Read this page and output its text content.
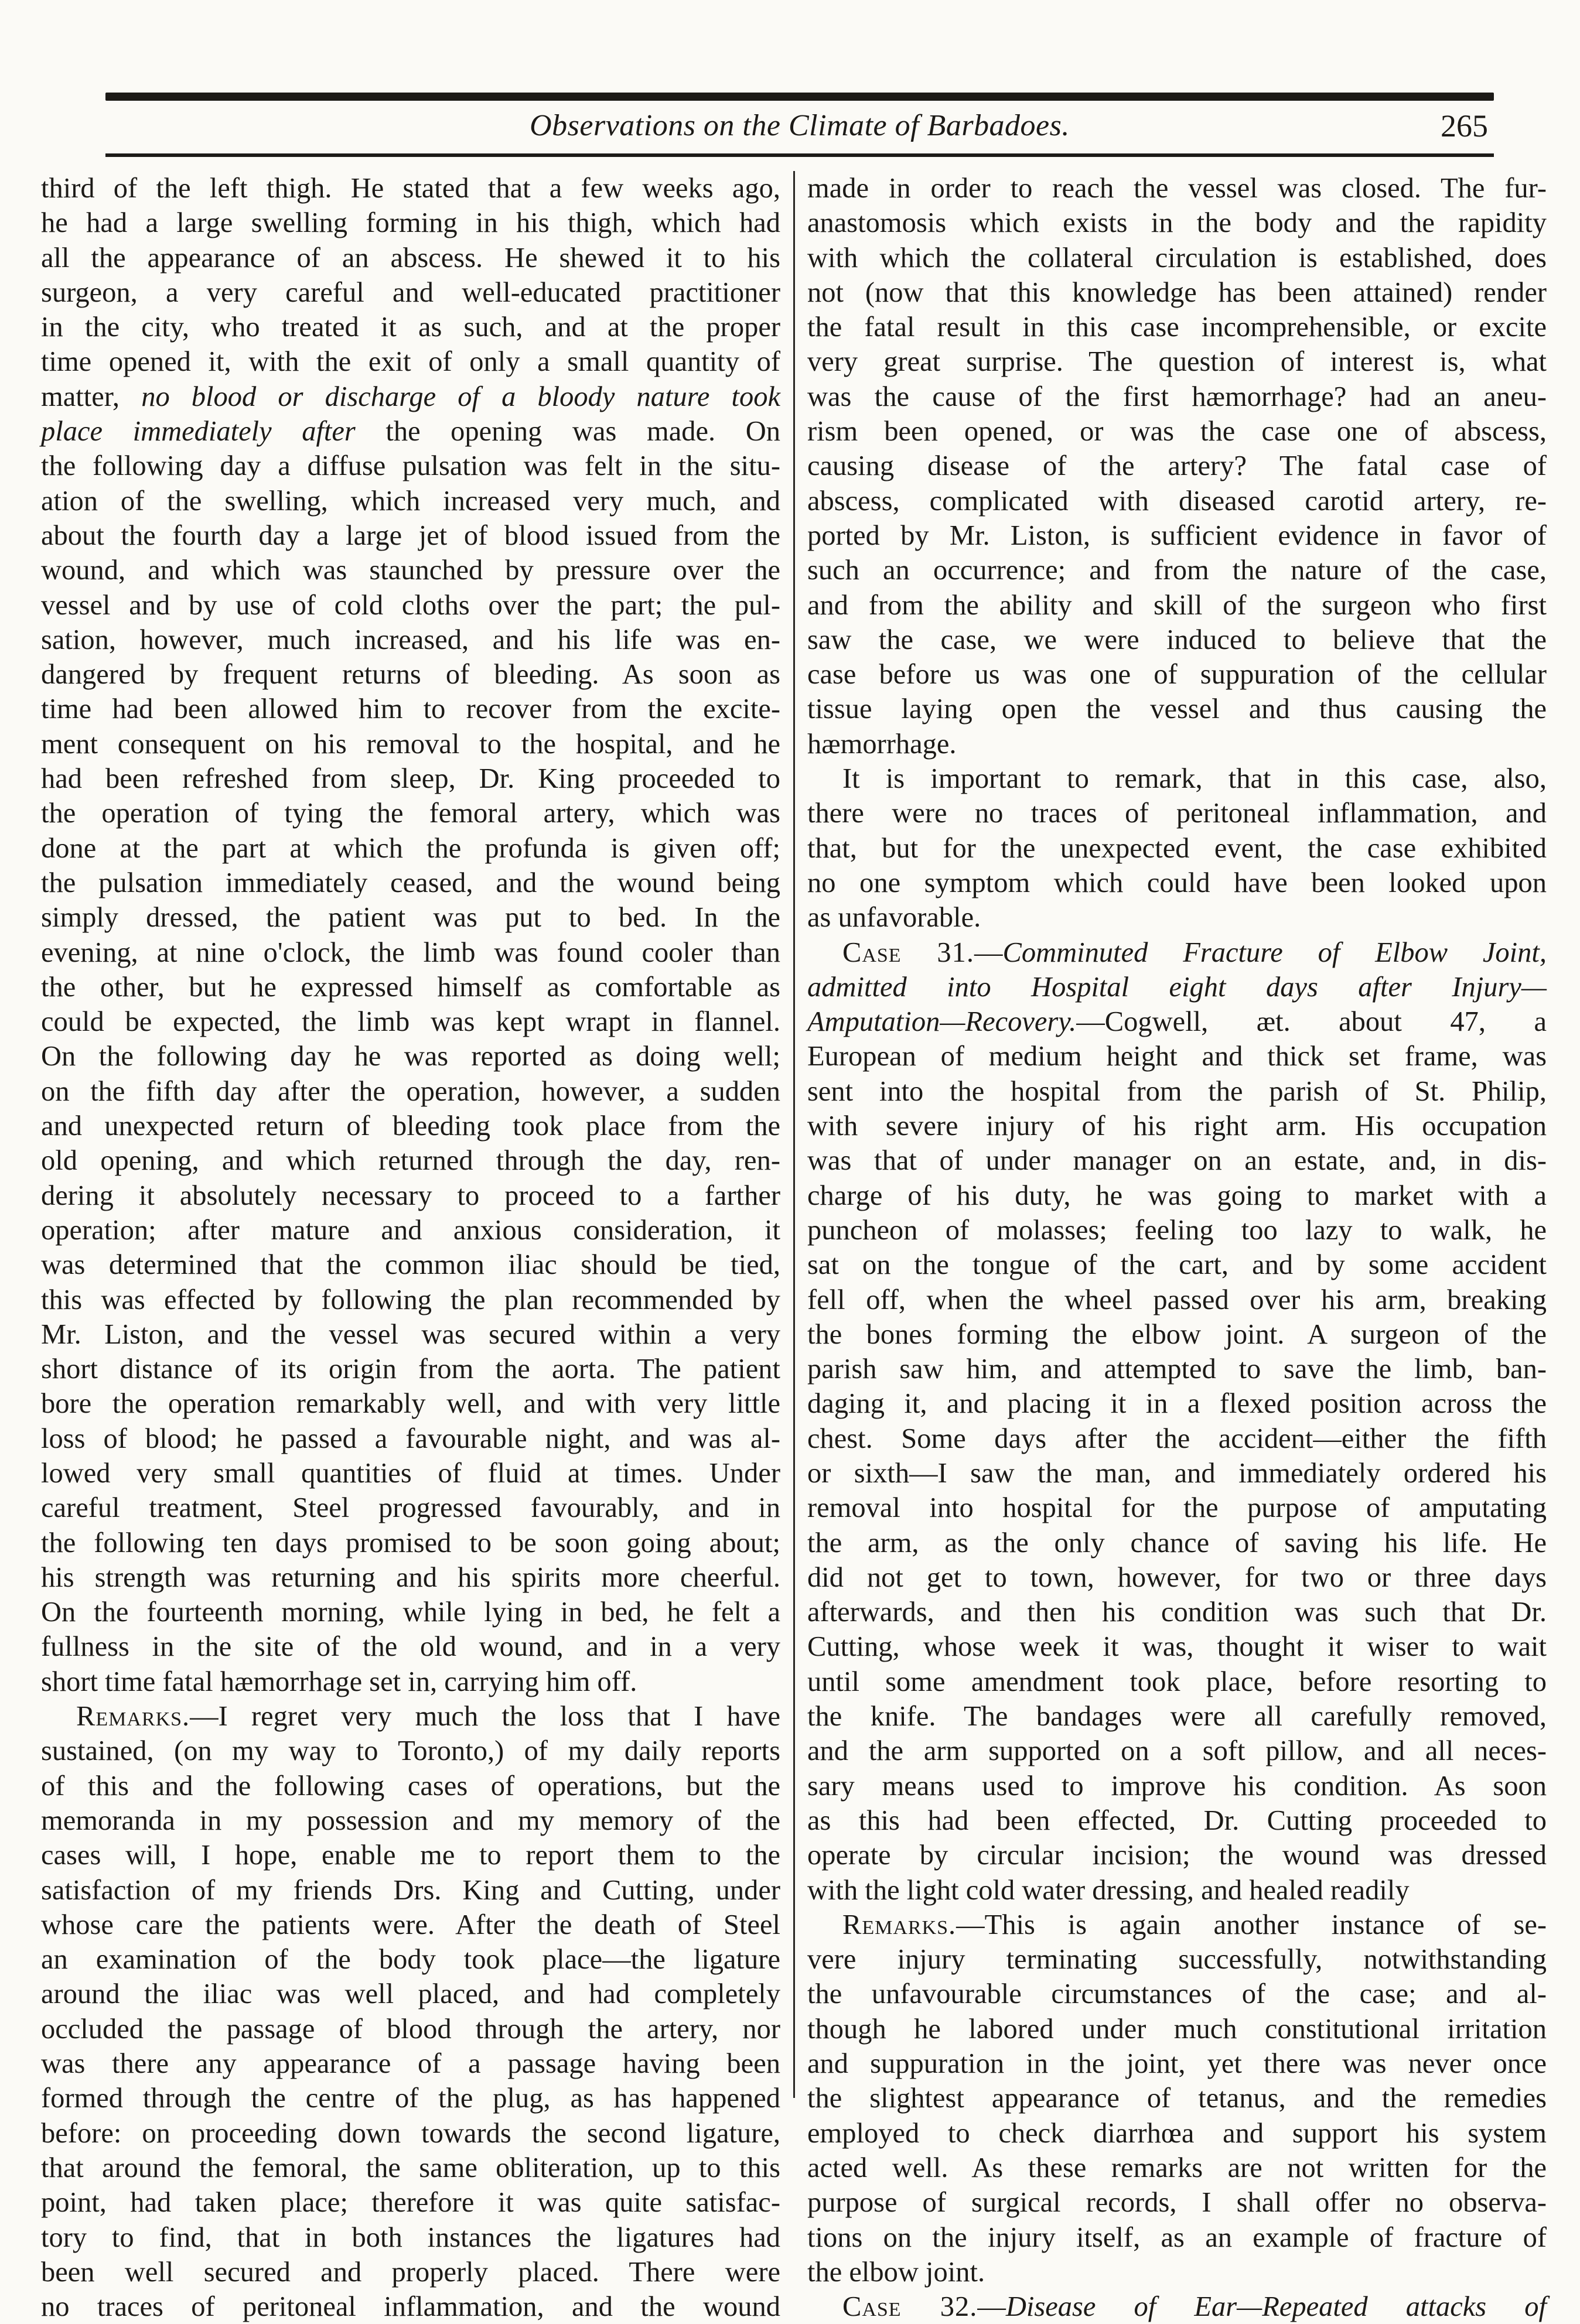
Observations on the Climate of Barbadoes.	265
third of the left thigh. He stated that a few weeks ago,
he had a large swelling forming in his thigh, which had
all the appearance of an abscess. He shewed it to his
surgeon, a very careful and well-educated practitioner
in the city, who treated it as such, and at the proper
time opened it, with the exit of only a small quantity of
matter, no blood or discharge of a bloody nature took
place immediately after the opening was made. On
the following day a diffuse pulsation was felt in the situ-
ation of the swelling, which increased very much, and
about the fourth day a large jet of blood issued from the
wound, and which was staunched by pressure over the
vessel and by use of cold cloths over the part; the pul-
sation, however, much increased, and his life was en-
dangered by frequent returns of bleeding. As soon as
time had been allowed him to recover from the excite-
ment consequent on his removal to the hospital, and he
had been refreshed from sleep, Dr. King proceeded to
the operation of tying the femoral artery, which was
done at the part at which the profunda is given off;
the pulsation immediately ceased, and the wound being
simply dressed, the patient was put to bed. In the
evening, at nine o'clock, the limb was found cooler than
the other, but he expressed himself as comfortable as
could be expected, the limb was kept wrapt in flannel.
On the following day he was reported as doing well;
on the fifth day after the operation, however, a sudden
and unexpected return of bleeding took place from the
old opening, and which returned through the day, ren-
dering it absolutely necessary to proceed to a farther
operation; after mature and anxious consideration, it
was determined that the common iliac should be tied,
this was effected by following the plan recommended by
Mr. Liston, and the vessel was secured within a very
short distance of its origin from the aorta. The patient
bore the operation remarkably well, and with very little
loss of blood; he passed a favourable night, and was al-
lowed very small quantities of fluid at times. Under
careful treatment, Steel progressed favourably, and in
the following ten days promised to be soon going about;
his strength was returning and his spirits more cheerful.
On the fourteenth morning, while lying in bed, he felt a
fullness in the site of the old wound, and in a very
short time fatal hæmorrhage set in, carrying him off.
Remarks.—I regret very much the loss that I have
sustained, (on my way to Toronto,) of my daily reports
of this and the following cases of operations, but the
memoranda in my possession and my memory of the
cases will, I hope, enable me to report them to the
satisfaction of my friends Drs. King and Cutting, under
whose care the patients were. After the death of Steel
an examination of the body took place—the ligature
around the iliac was well placed, and had completely
occluded the passage of blood through the artery, nor
was there any appearance of a passage having been
formed through the centre of the plug, as has happened
before: on proceeding down towards the second ligature,
that around the femoral, the same obliteration, up to this
point, had taken place; therefore it was quite satisfac-
tory to find, that in both instances the ligatures had
been well secured and properly placed. There were
no traces of peritoneal inflammation, and the wound
made in order to reach the vessel was closed. The fur-
anastomosis which exists in the body and the rapidity
with which the collateral circulation is established, does
not (now that this knowledge has been attained) render
the fatal result in this case incomprehensible, or excite
very great surprise. The question of interest is, what
was the cause of the first hæmorrhage? had an aneu-
rism been opened, or was the case one of abscess,
causing disease of the artery? The fatal case of
abscess, complicated with diseased carotid artery, re-
ported by Mr. Liston, is sufficient evidence in favor of
such an occurrence; and from the nature of the case,
and from the ability and skill of the surgeon who first
saw the case, we were induced to believe that the
case before us was one of suppuration of the cellular
tissue laying open the vessel and thus causing the
hæmorrhage.
It is important to remark, that in this case, also,
there were no traces of peritoneal inflammation, and
that, but for the unexpected event, the case exhibited
no one symptom which could have been looked upon
as unfavorable.
Case 31.—Comminuted Fracture of Elbow Joint,
admitted into Hospital eight days after Injury—
Amputation—Recovery.—Cogwell, æt. about 47, a
European of medium height and thick set frame, was
sent into the hospital from the parish of St. Philip,
with severe injury of his right arm. His occupation
was that of under manager on an estate, and, in dis-
charge of his duty, he was going to market with a
puncheon of molasses; feeling too lazy to walk, he
sat on the tongue of the cart, and by some accident
fell off, when the wheel passed over his arm, breaking
the bones forming the elbow joint. A surgeon of the
parish saw him, and attempted to save the limb, ban-
daging it, and placing it in a flexed position across the
chest. Some days after the accident—either the fifth
or sixth—I saw the man, and immediately ordered his
removal into hospital for the purpose of amputating
the arm, as the only chance of saving his life. He
did not get to town, however, for two or three days
afterwards, and then his condition was such that Dr.
Cutting, whose week it was, thought it wiser to wait
until some amendment took place, before resorting to
the knife. The bandages were all carefully removed,
and the arm supported on a soft pillow, and all neces-
sary means used to improve his condition. As soon
as this had been effected, Dr. Cutting proceeded to
operate by circular incision; the wound was dressed
with the light cold water dressing, and healed readily
Remarks.—This is again another instance of se-
vere injury terminating successfully, notwithstanding
the unfavourable circumstances of the case; and al-
though he labored under much constitutional irritation
and suppuration in the joint, yet there was never once
the slightest appearance of tetanus, and the remedies
employed to check diarrhœa and support his system
acted well. As these remarks are not written for the
purpose of surgical records, I shall offer no observa-
tions on the injury itself, as an example of fracture of
the elbow joint.
Case 32.—Disease of Ear—Repeated attacks of
